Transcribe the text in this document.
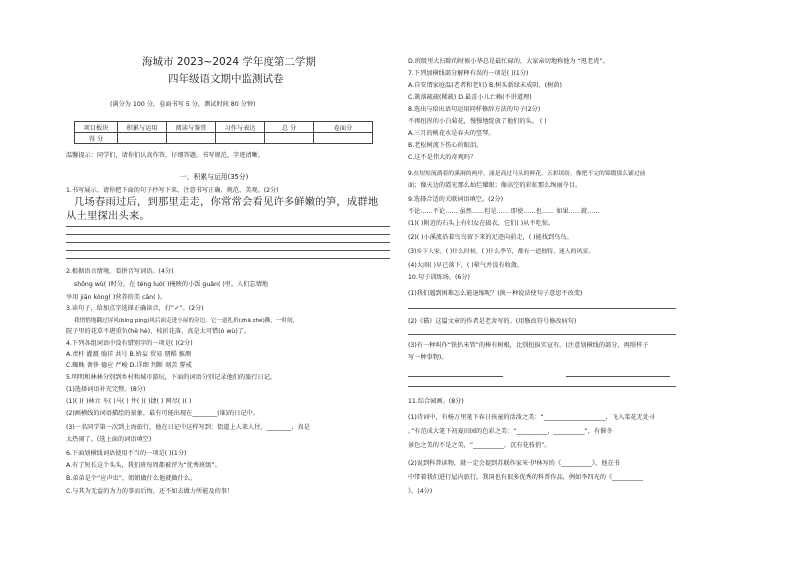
海城市 2023~2024 学年度第二学期
四年级语文期中监测试卷
(满分为 100 分，卷面书写 5 分，测试时间 80 分钟)
项目板块	积累与运用	阅读与鉴赏	习作与表达	总 分	卷面分
得 分					
温馨提示：同学们，请你们认真作答，仔细答题，书写规范，字迹清晰。
一、积累与运用(35分)
1.书写展示。请你把下面的句子抄写下来，注意书写正确、规范、美观。(2分)
几场春雨过后，到那里走走，你常常会看见许多鲜嫩的笋，成群地
从土里探出头来。
2.根据语言情境，看拼音写词语。(4分)
shōng wù( )时分，在 téng luó( )掩映的小饭 guǎn( )里，人们忘情地
享用 jiān kòng( )营养的美 cān( )。
3.读句子，给加点字选择正确读音，打“✓”。(2分)
我悄悄地翻过屏风(bīng píng)风后面走进小屋的旁边，它一道扎折(zhā zhé)撕，一时间，
院子里的花草不堪重负(hè hè)，枝折花落，真是太可惜(ò wù)了。
4.下列各组词语中没有错别字的一项是( )(2分)
A.责杆 灌溉 徜徉 共号 B.娇妄 贸易 朋稻 推测
C.蜘蛛 奢侈 德应 严峻 D.详细 判断 刻苦 誓戒
5.明明和林林分别到乡村和城市游玩，下面的词语分别记录他们的旅行日记。
(1)选择词语补充完整。(8分)
(1)( )( )林立 车( )马( ) 井( )( )捷( ) 两尽( )( )
(2)画横线的词语描绘的景象，最有可能出现在________(谁)的日记中。
(3)一名同学第一次到上海旅行，他在日记中这样写到：街道上人来人往，________，真是
太热闹了。(选上面的词语填空)
6.下面划横线词语使用不当的一项是( )(1分)
A.有了短长这个头头，我们班每周都被评为“优秀班级”。
B.弟弟是个“应声虫”，姐姐做什么他就做什么。
C.与其为无益的为力的事而后悔，还不如去做力所能及的事！
D.班级里大扫除的时候小华总是最忙碌的，大家亲切地称他为 “甩老虎”。
7.下列加横线部分解释有误的一项是( )(1分)
A.自安谓家庭温(老者和老妇) B.树头新绿未成阴。(树荫)
C.篱落疏疏(稀疏) D.最喜小儿亡赖(不讲道理)
8.选出与给出语句运用同样修辞方法的句子(2分)
不再扭捏的小白菊花，慢慢地绽放了他们的头。 ( )
A.三月的桃花水是春天的竖琴。
B.老松树流下伤心的眼泪。
C.这不是伟大的奇观吗？
9.在短短流淌着的溪涧的两岸，涌是高过马头的鲜花，五彩缤纷，像把不完的锦缎那么铺过前
面；像天边的霞光那么灿烂耀眼；像高空的彩虹那么绚丽夺目。
9.选择合适的关联词语填空。(2分)
不论……不论…… 虽然……但是…… 即使……也…… 如果……就……
(1)( )附近的石头上有妇女在捣衣，它们( )从不吃惊。
(2)( )小溪流沿着鸟鸟留下来的足迹向前走，( )能找到鸟鸟。
(3)乡下人家，( )什么时候，( )什么季节，都有一道独特、迷人的风景。
(4)大雨( )早已落下，( )晕气并没有收敛。
10.句子训练场。(6分)
(1)我们遇到困难怎么能退缩呢？(换一种说法使句子意思不改变)
(2)《猫》这篇文章的作者是老舍写的。(用修改符号修改病句)
(3)有一种叫作“铁扒米管”的棒有树根，比别扭拔实宣有。(注意划横线的部分，再照样子
写一种事物)。
11.综合园画。(8分)
(1)诗词中，有杨万里笔下春日孩童的活泼之美：“____________________，飞入菜花无处寻
。”有范成大笔下初夏田园的色彩之美：“__________，__________”，有催冬
景色之美的不是之美，“__________，沉有花枝俏”。
(2)说到科普读物，就一定会提到苏联作家米·伊林写的《__________》，他在书
中带着我们进行屋内旅行。我国也有很多优秀的科普作品，例如李四光的《__________
》。(4分)
